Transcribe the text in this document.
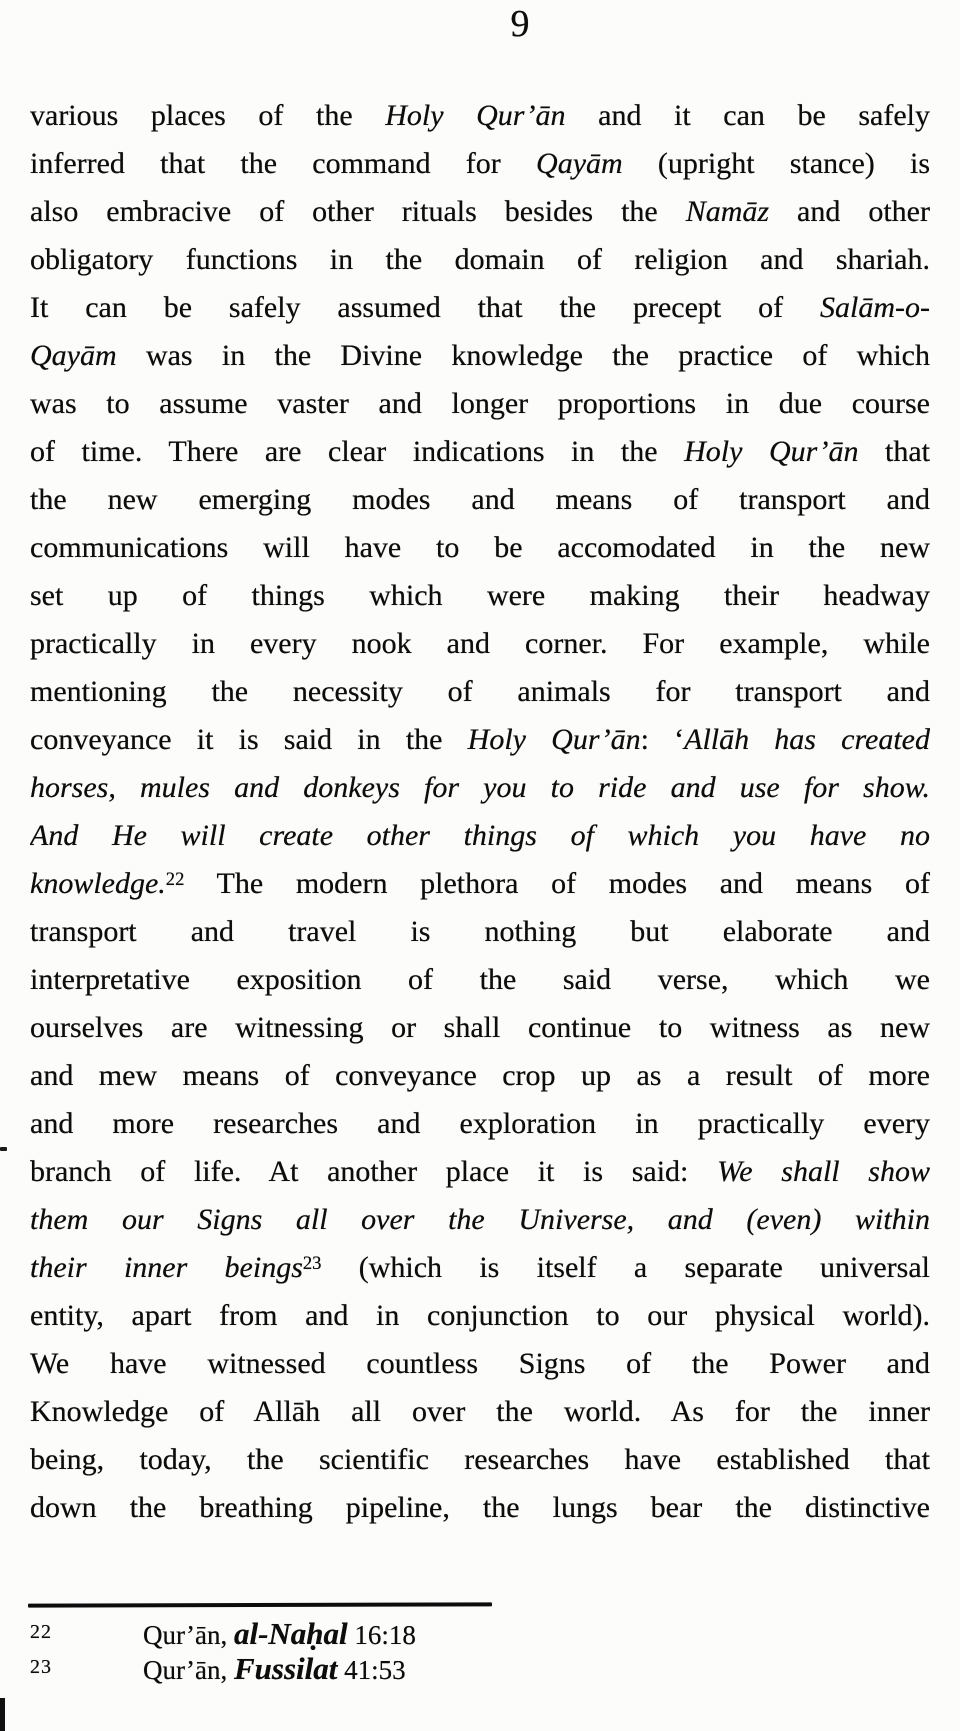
9
various places of the Holy Qur’ān and it can be safely
inferred that the command for Qayām (upright stance) is
also embracive of other rituals besides the Namāz and other
obligatory functions in the domain of religion and shariah.
It can be safely assumed that the precept of Salām-o-
Qayām was in the Divine knowledge the practice of which
was to assume vaster and longer proportions in due course
of time. There are clear indications in the Holy Qur’ān that
the new emerging modes and means of transport and
communications will have to be accomodated in the new
set up of things which were making their headway
practically in every nook and corner. For example, while
mentioning the necessity of animals for transport and
conveyance it is said in the Holy Qur’ān: ‘Allāh has created
horses, mules and donkeys for you to ride and use for show.
And He will create other things of which you have no
knowledge.$^{22}$ The modern plethora of modes and means of
transport and travel is nothing but elaborate and
interpretative exposition of the said verse, which we
ourselves are witnessing or shall continue to witness as new
and mew means of conveyance crop up as a result of more
and more researches and exploration in practically every
branch of life. At another place it is said: We shall show
them our Signs all over the Universe, and (even) within
their inner beings$^{23}$ (which is itself a separate universal
entity, apart from and in conjunction to our physical world).
We have witnessed countless Signs of the Power and
Knowledge of Allāh all over the world. As for the inner
being, today, the scientific researches have established that
down the breathing pipeline, the lungs bear the distinctive
22	Qur’ān, al-Naḥal 16:18
23	Qur’ān, Fussilat 41:53
